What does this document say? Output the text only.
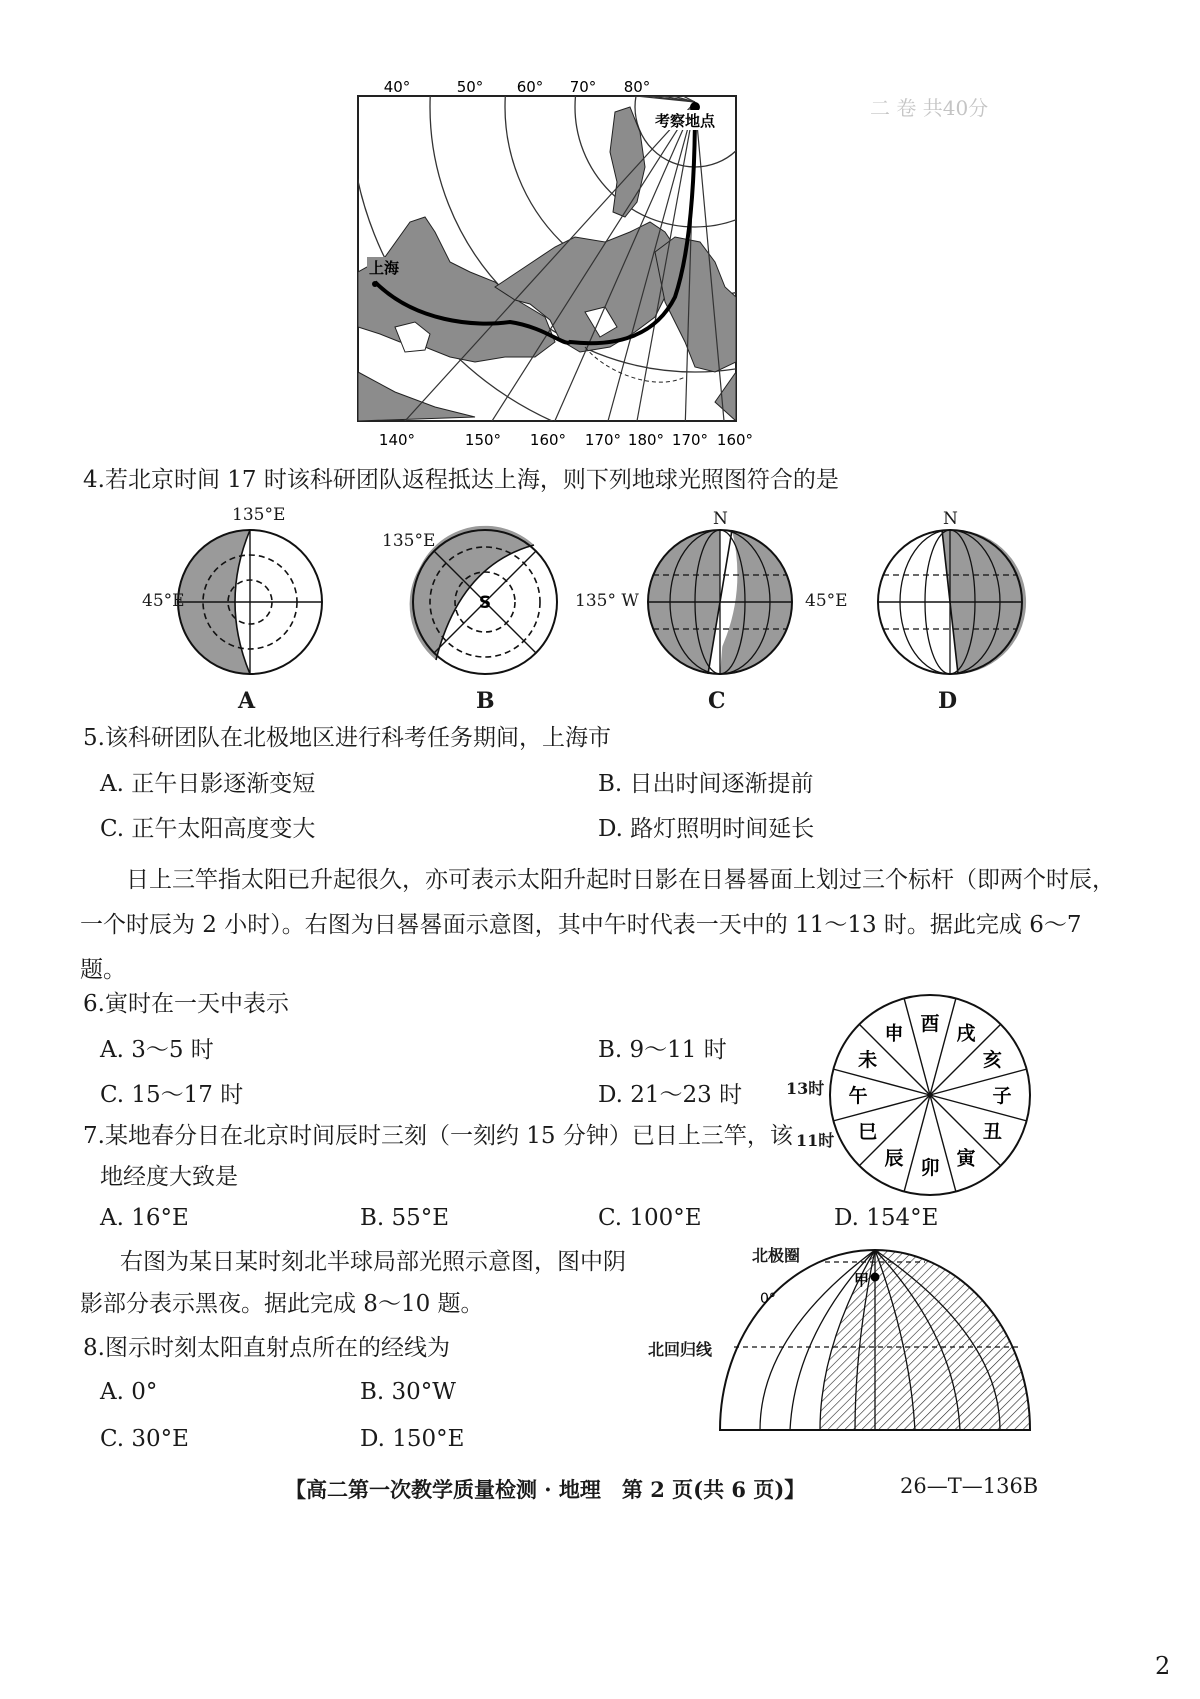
二 卷 共40分
40°	50° 60° 70° 80°
140°	150° 160° 170° 180° 170° 160°
上海
考察地点
4.若北京时间 17 时该科研团队返程抵达上海，则下列地球光照图符合的是
135°E
45°E
A
S
135°E
B
N
135° W
C
N
45°E
D
5.该科研团队在北极地区进行科考任务期间，上海市
A. 正午日影逐渐变短	B. 日出时间逐渐提前
C. 正午太阳高度变大	D. 路灯照明时间延长
日上三竿指太阳已升起很久，亦可表示太阳升起时日影在日晷晷面上划过三个标杆（即两个时辰，一个时辰为 2 小时）。右图为日晷晷面示意图，其中午时代表一天中的 11～13 时。据此完成 6～7 题。
6.寅时在一天中表示
A. 3～5 时	B. 9～11 时
C. 15～17 时	D. 21～23 时	午
未
申 酉 戌
亥
子
丑
寅
卯
辰
巳
13时
11时
7.某地春分日在北京时间辰时三刻（一刻约 15 分钟）已日上三竿，该
地经度大致是
A. 16°E	B. 55°E	C. 100°E	D. 154°E
右图为某日某时刻北半球局部光照示意图，图中阴
影部分表示黑夜。据此完成 8～10 题。
甲
0°
北极圈
北回归线
8.图示时刻太阳直射点所在的经线为
A. 0°	B. 30°W
C. 30°E	D. 150°E
【高二第一次教学质量检测 · 地理　第 2 页(共 6 页)】	26—T—136B
2
